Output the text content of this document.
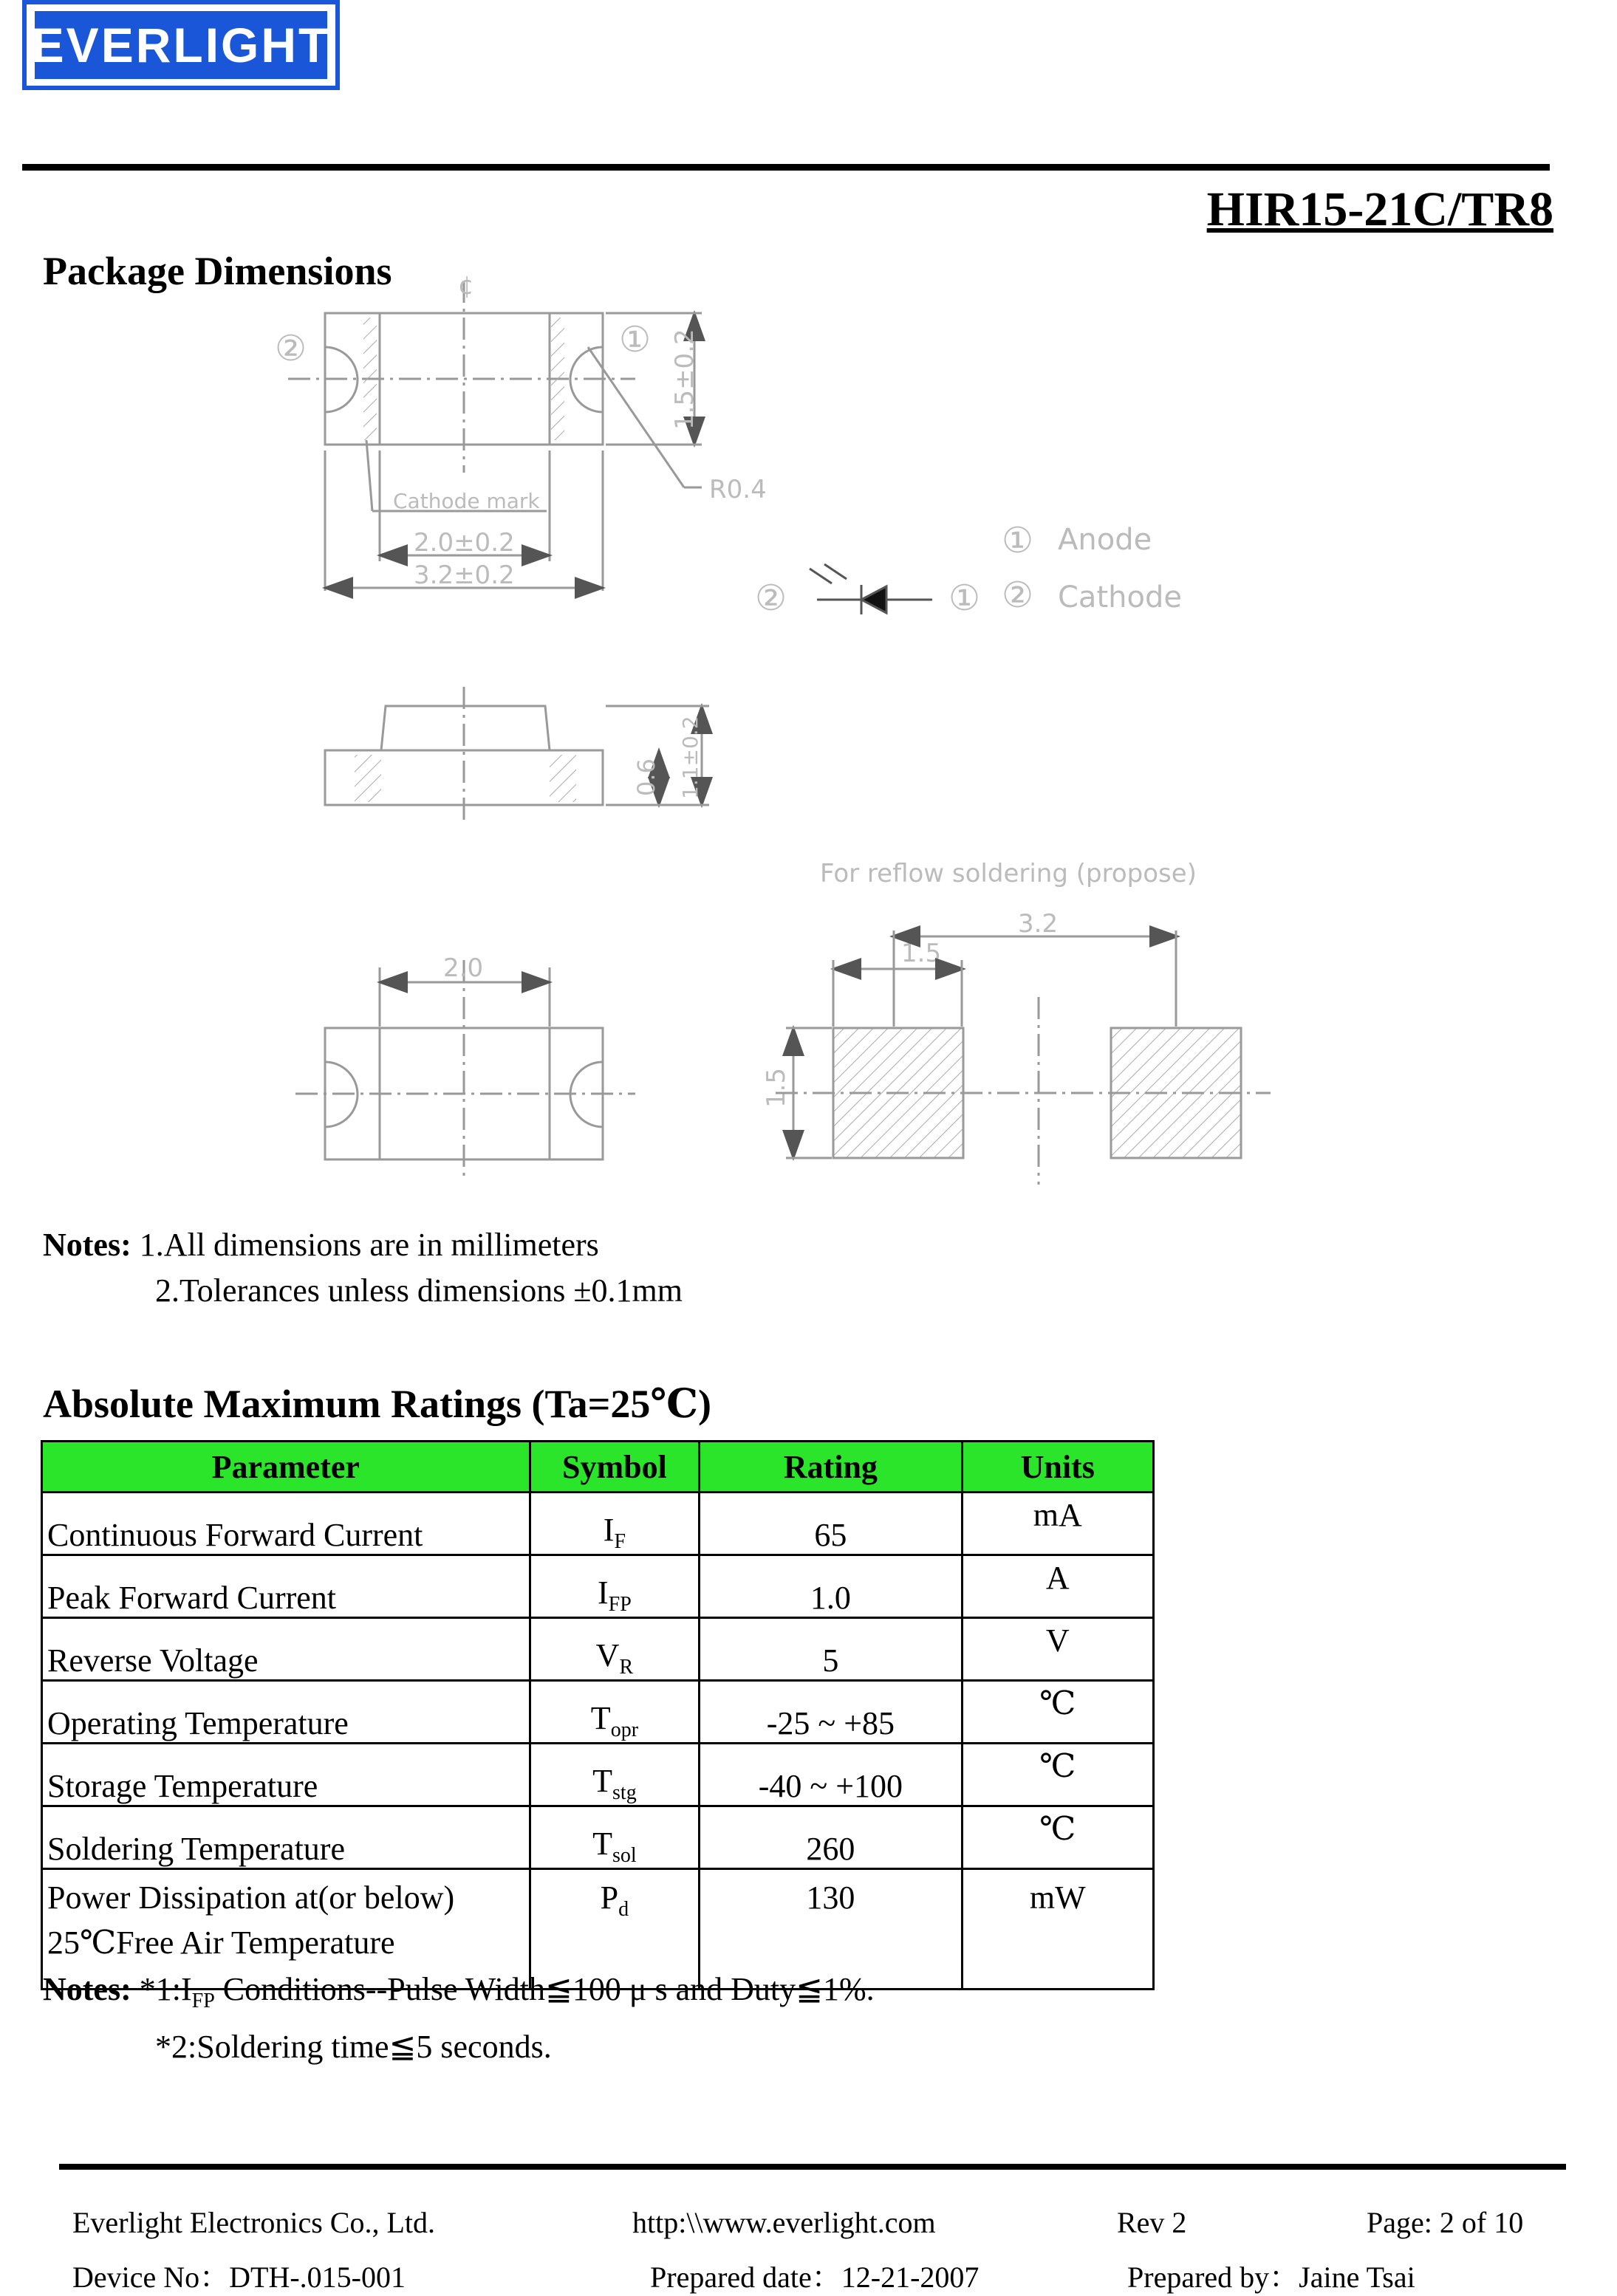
EVERLIGHT
HIR15-21C/TR8
Package Dimensions	¢
②	①
R0.4
Cathode mark
2.0±0.2
3.2±0.2
1.5±0.2
②	①
① Anode
② Cathode
0.6 1.1±0.2
2.0
For reflow soldering (propose)
3.2
1.5
1.5
Notes: 1.All dimensions are in millimeters
2.Tolerances unless dimensions ±0.1mm
Absolute Maximum Ratings (Ta=25℃)
Parameter	Symbol	Rating	Units
Continuous Forward Current	$I_F$	65	mA
Peak Forward Current	$I_{FP}$	1.0	A
Reverse Voltage	$V_R$	5	V
Operating Temperature	$T_{opr}$	-25 ~ +85	℃
Storage Temperature	$T_{stg}$	-40 ~ +100	℃
Soldering Temperature	$T_{sol}$	260	℃

Power Dissipation at(or below)
25℃Free Air Temperature	$P_d$	130	mW
Notes: $*1:I_{FP}$ Conditions--Pulse Width≦100 μ s and Duty≦1%.
*2:Soldering time≦5 seconds.
Everlight Electronics Co., Ltd.	http:\\www.everlight.com	Rev 2	Page: 2 of 10
Device No：DTH-.015-001	Prepared date：12-21-2007	Prepared by：Jaine Tsai
